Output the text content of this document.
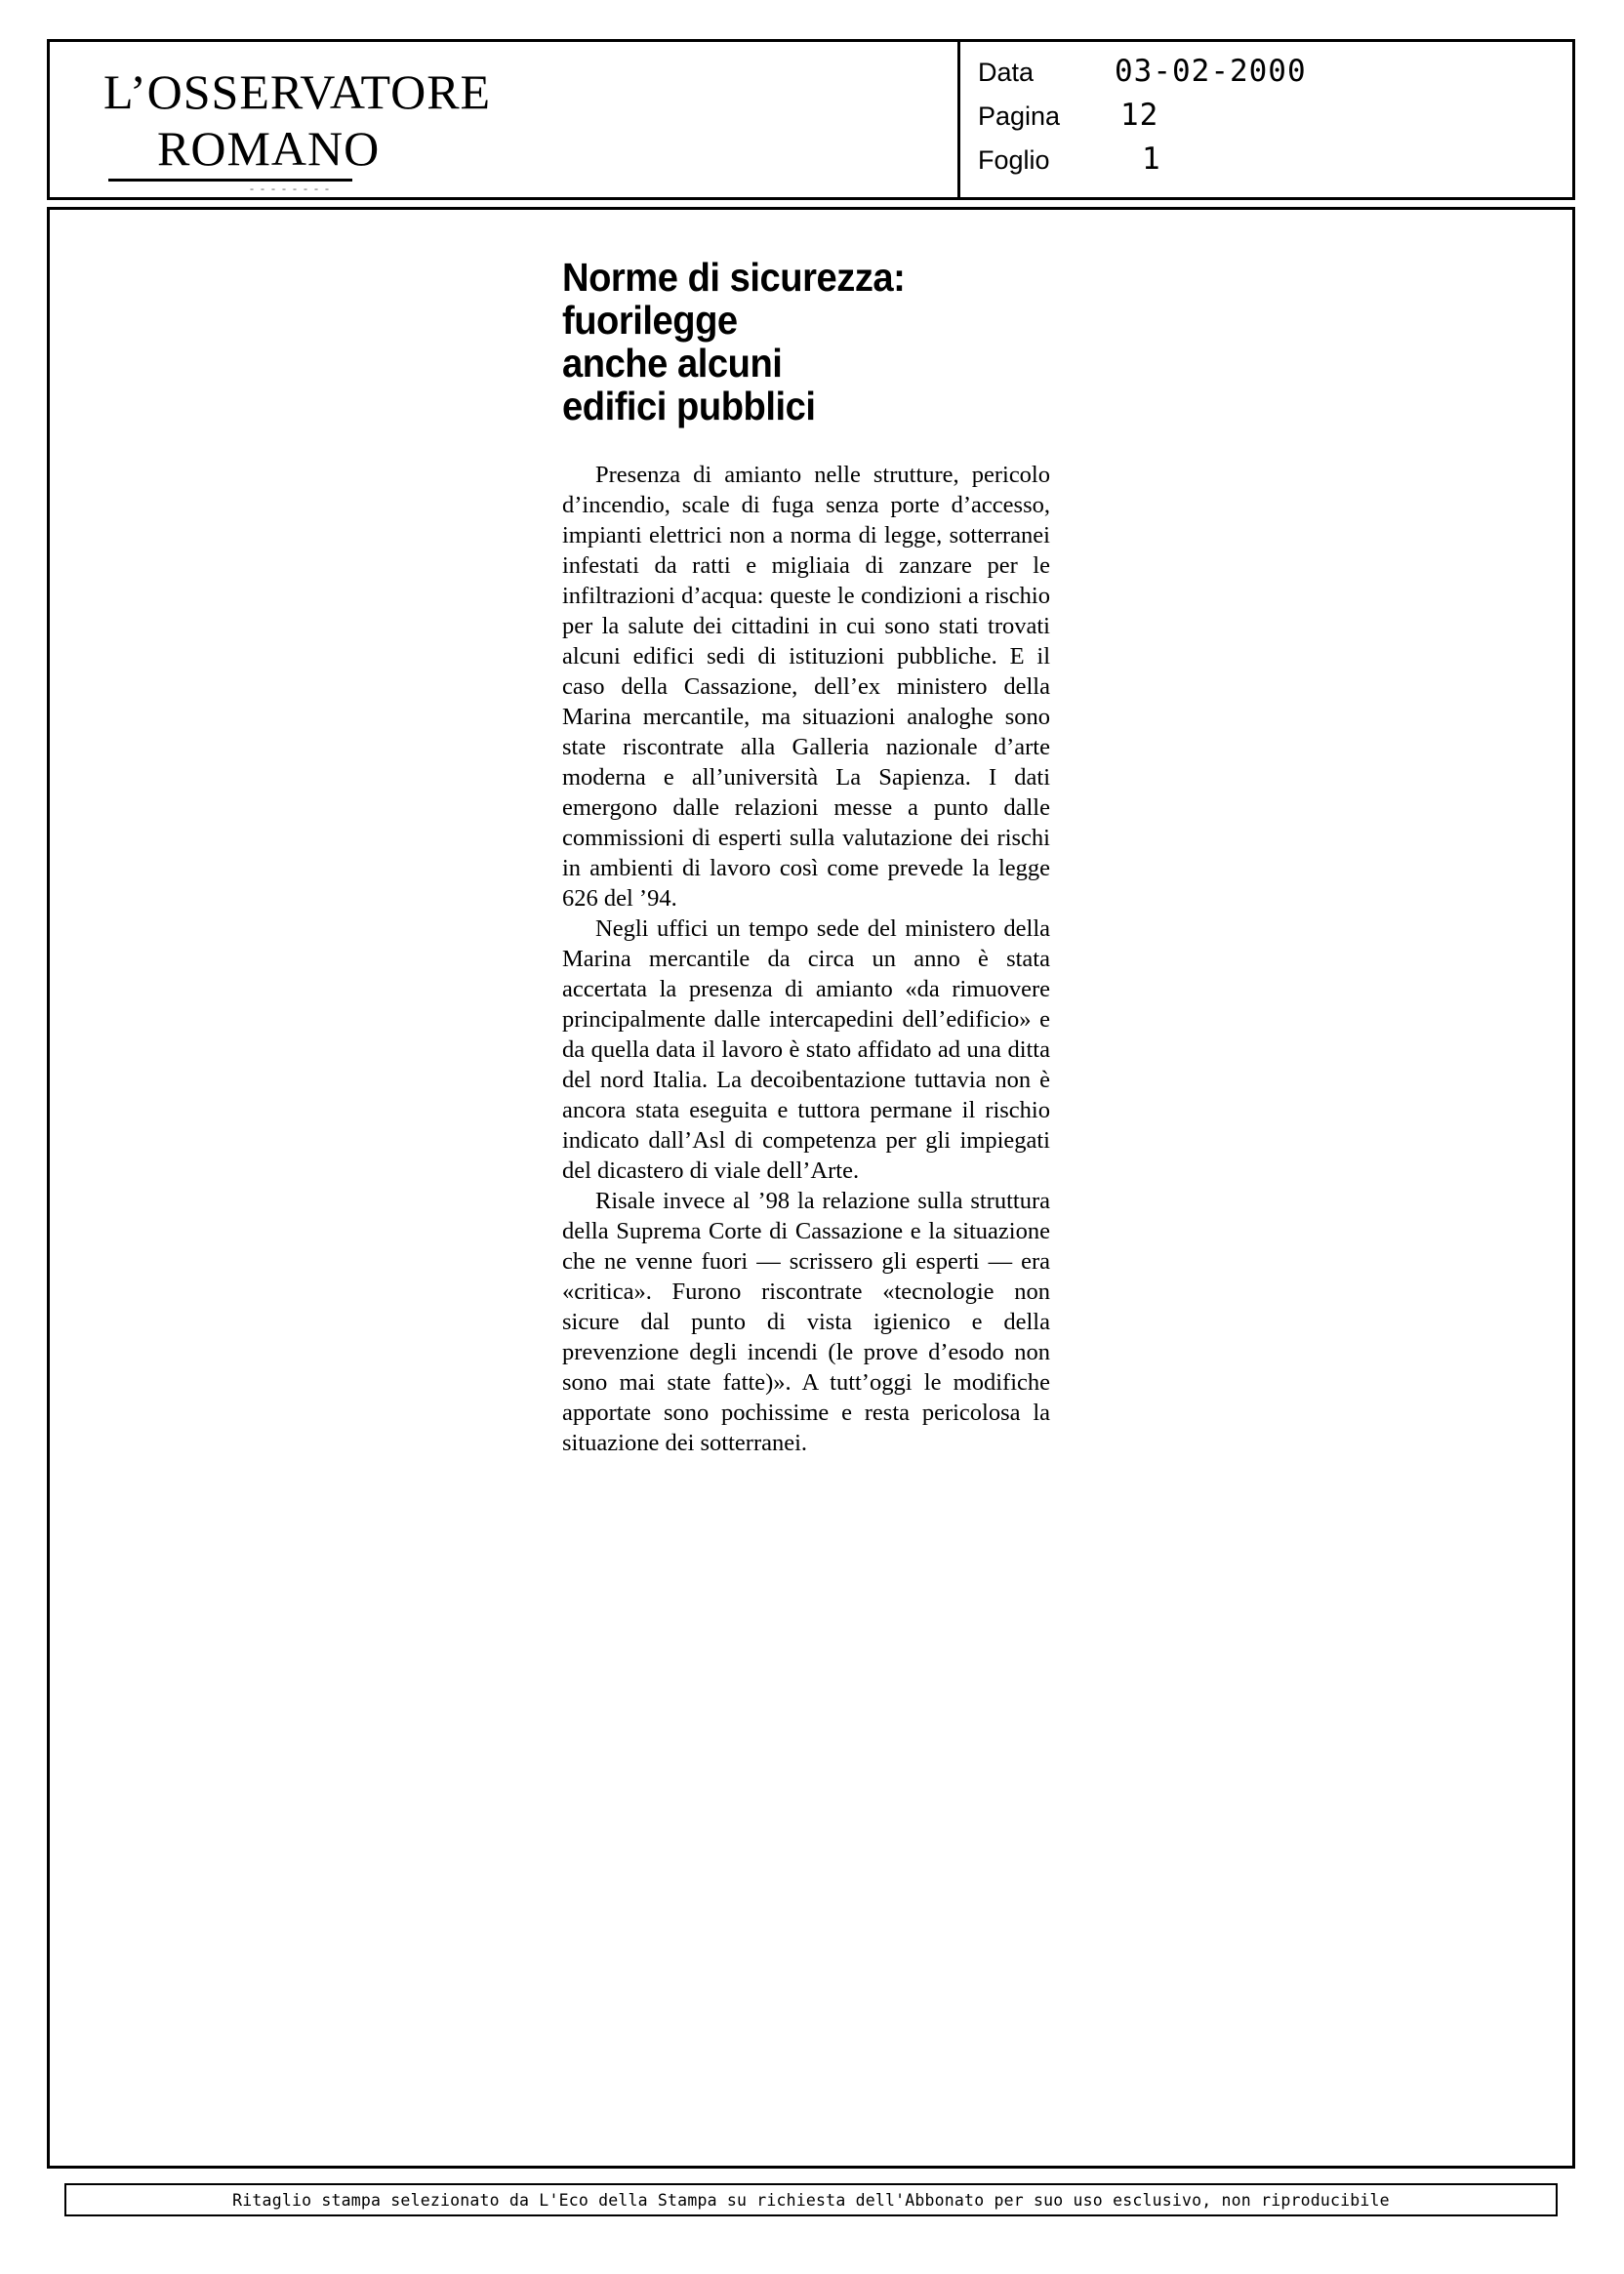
L’OSSERVATORE
ROMANO
- - - - - - - -
Data	03-02-2000
Pagina	12
Foglio	1
Norme di sicurezza:
fuorilegge
anche alcuni
edifici pubblici

Presenza di amianto nelle strutture, pericolo d’incendio, scale di fuga senza porte d’accesso, impianti elettrici non a norma di legge, sotterranei infestati da ratti e migliaia di zanzare per le infiltrazioni d’acqua: queste le condizioni a rischio per la salute dei cittadini in cui sono stati trovati alcuni edifici sedi di istituzioni pubbliche. E il caso della Cassazione, dell’ex ministero della Marina mercantile, ma situazioni analoghe sono state riscontrate alla Galleria nazionale d’arte moderna e all’università La Sapienza. I dati emergono dalle relazioni messe a punto dalle commissioni di esperti sulla valutazione dei rischi in ambienti di lavoro così come prevede la legge 626 del ’94.

Negli uffici un tempo sede del ministero della Marina mercantile da circa un anno è stata accertata la presenza di amianto «da rimuovere principalmente dalle intercapedini dell’edificio» e da quella data il lavoro è stato affidato ad una ditta del nord Italia. La decoibentazione tuttavia non è ancora stata eseguita e tuttora permane il rischio indicato dall’Asl di competenza per gli impiegati del dicastero di viale dell’Arte.

Risale invece al ’98 la relazione sulla struttura della Suprema Corte di Cassazione e la situazione che ne venne fuori — scrissero gli esperti — era «critica». Furono riscontrate «tecnologie non sicure dal punto di vista igienico e della prevenzione degli incendi (le prove d’esodo non sono mai state fatte)». A tutt’oggi le modifiche apportate sono pochissime e resta pericolosa la situazione dei sotterranei.

Ritaglio stampa selezionato da L'Eco della Stampa su richiesta dell'Abbonato per suo uso esclusivo, non riproducibile
